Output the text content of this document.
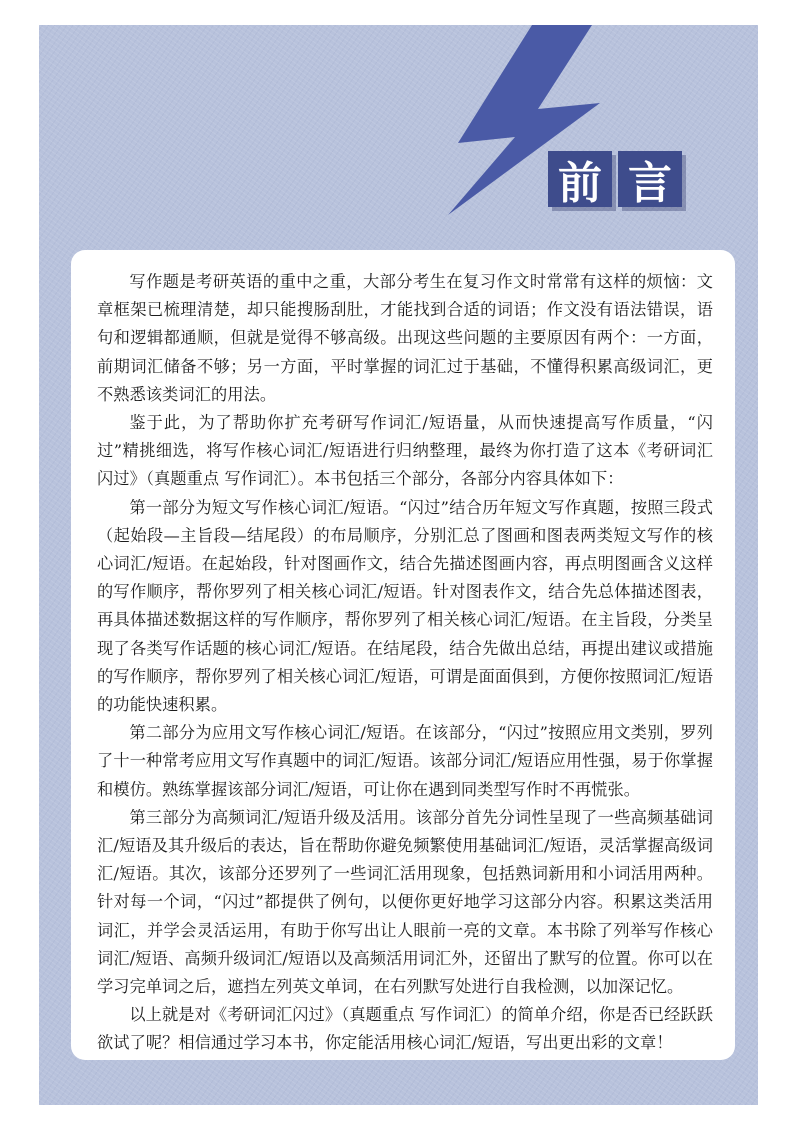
前 言

写作题是考研英语的重中之重，大部分考生在复习作文时常常有这样的烦恼：文章框架已梳理清楚，却只能搜肠刮肚，才能找到合适的词语；作文没有语法错误，语句和逻辑都通顺，但就是觉得不够高级。出现这些问题的主要原因有两个：一方面，前期词汇储备不够；另一方面，平时掌握的词汇过于基础，不懂得积累高级词汇，更不熟悉该类词汇的用法。

鉴于此，为了帮助你扩充考研写作词汇/短语量，从而快速提高写作质量，“闪过”精挑细选，将写作核心词汇/短语进行归纳整理，最终为你打造了这本《考研词汇闪过》（真题重点 写作词汇）。本书包括三个部分，各部分内容具体如下：

第一部分为短文写作核心词汇/短语。“闪过”结合历年短文写作真题，按照三段式（起始段—主旨段—结尾段）的布局顺序，分别汇总了图画和图表两类短文写作的核心词汇/短语。在起始段，针对图画作文，结合先描述图画内容，再点明图画含义这样的写作顺序，帮你罗列了相关核心词汇/短语。针对图表作文，结合先总体描述图表，再具体描述数据这样的写作顺序，帮你罗列了相关核心词汇/短语。在主旨段，分类呈现了各类写作话题的核心词汇/短语。在结尾段，结合先做出总结，再提出建议或措施的写作顺序，帮你罗列了相关核心词汇/短语，可谓是面面俱到，方便你按照词汇/短语的功能快速积累。

第二部分为应用文写作核心词汇/短语。在该部分，“闪过”按照应用文类别，罗列了十一种常考应用文写作真题中的词汇/短语。该部分词汇/短语应用性强，易于你掌握和模仿。熟练掌握该部分词汇/短语，可让你在遇到同类型写作时不再慌张。

第三部分为高频词汇/短语升级及活用。该部分首先分词性呈现了一些高频基础词汇/短语及其升级后的表达，旨在帮助你避免频繁使用基础词汇/短语，灵活掌握高级词汇/短语。其次，该部分还罗列了一些词汇活用现象，包括熟词新用和小词活用两种。针对每一个词，“闪过”都提供了例句，以便你更好地学习这部分内容。积累这类活用词汇，并学会灵活运用，有助于你写出让人眼前一亮的文章。本书除了列举写作核心词汇/短语、高频升级词汇/短语以及高频活用词汇外，还留出了默写的位置。你可以在学习完单词之后，遮挡左列英文单词，在右列默写处进行自我检测，以加深记忆。

以上就是对《考研词汇闪过》（真题重点 写作词汇）的简单介绍，你是否已经跃跃欲试了呢？相信通过学习本书，你定能活用核心词汇/短语，写出更出彩的文章！
